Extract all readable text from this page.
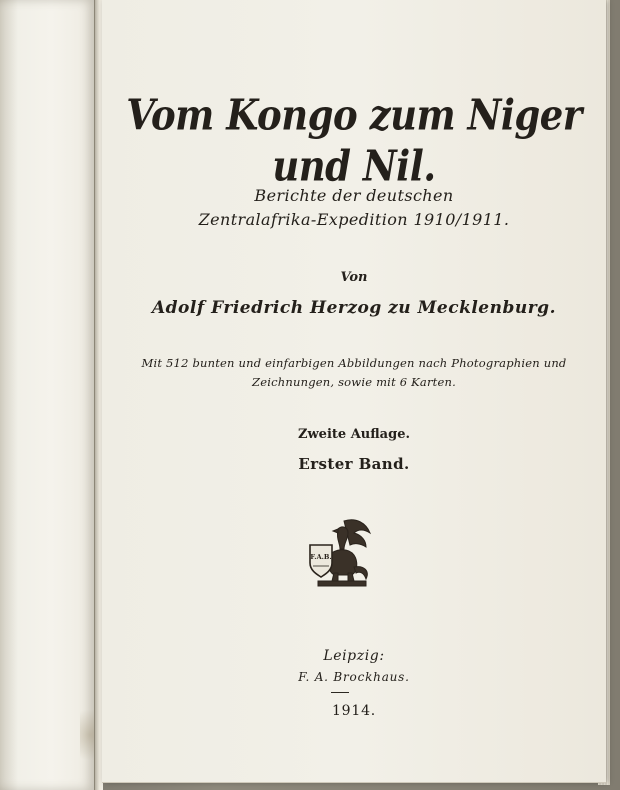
Vom Kongo zum Niger und Nil.

Berichte der deutschen

Zentralafrika-Expedition 1910/1911.

Von

Adolf Friedrich Herzog zu Mecklenburg.

Mit 512 bunten und einfarbigen Abbildungen nach Photographien und

Zeichnungen, sowie mit 6 Karten.

Zweite Auflage.

Erster Band.

F.A.B.

Leipzig:

F. A. Brockhaus.

1914.
